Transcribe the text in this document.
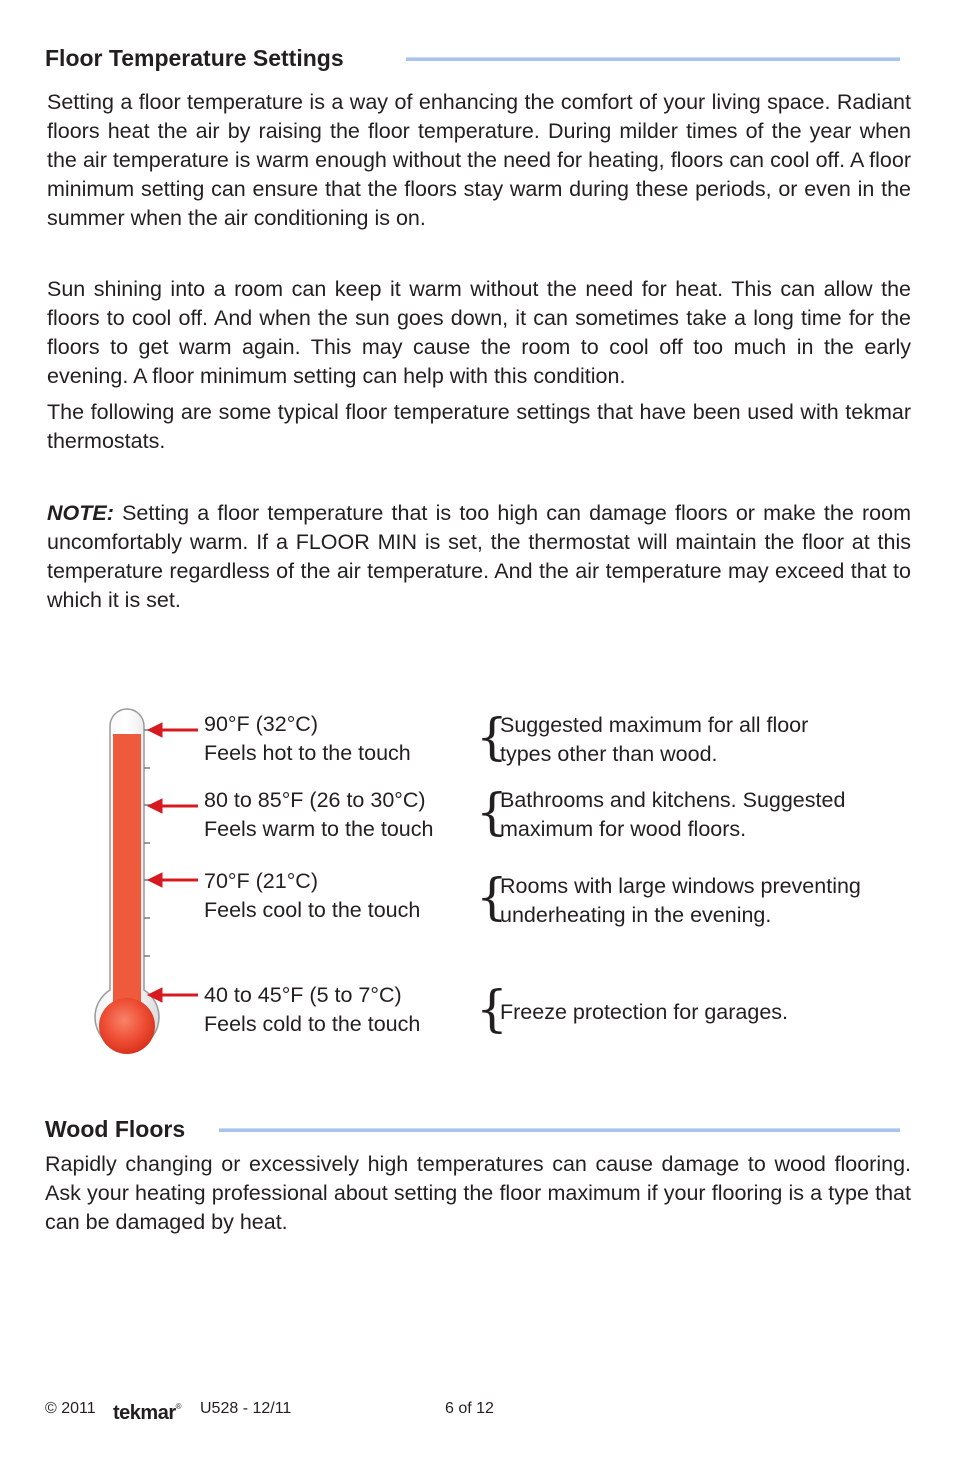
Floor Temperature Settings

Setting a floor temperature is a way of enhancing the comfort of your living space. Radiant floors heat the air by raising the floor temperature. During milder times of the year when the air temperature is warm enough without the need for heating, floors can cool off. A floor minimum setting can ensure that the floors stay warm during these periods, or even in the summer when the air conditioning is on.

Sun shining into a room can keep it warm without the need for heat. This can allow the floors to cool off. And when the sun goes down, it can sometimes take a long time for the floors to get warm again. This may cause the room to cool off too much in the early evening. A floor minimum setting can help with this condition.

The following are some typical floor temperature settings that have been used with tekmar thermostats.

NOTE: Setting a floor temperature that is too high can damage floors or make the room uncomfortably warm. If a FLOOR MIN is set, the thermostat will maintain the floor at this temperature regardless of the air temperature. And the air temperature may exceed that to which it is set.

90°F (32°C)
Feels hot to the touch {
Suggested maximum for all floor
types other than wood.
80 to 85°F (26 to 30°C)
Feels warm to the touch {
Bathrooms and kitchens. Suggested
maximum for wood floors.
70°F (21°C)
Feels cool to the touch {
Rooms with large windows preventing
underheating in the evening.
40 to 45°F (5 to 7°C)
Feels cold to the touch {
Freeze protection for garages.
Wood Floors

Rapidly changing or excessively high temperatures can cause damage to wood flooring. Ask your heating professional about setting the floor maximum if your flooring is a type that can be damaged by heat.

© 2011 tekmar® U528 - 12/11	6 of 12
